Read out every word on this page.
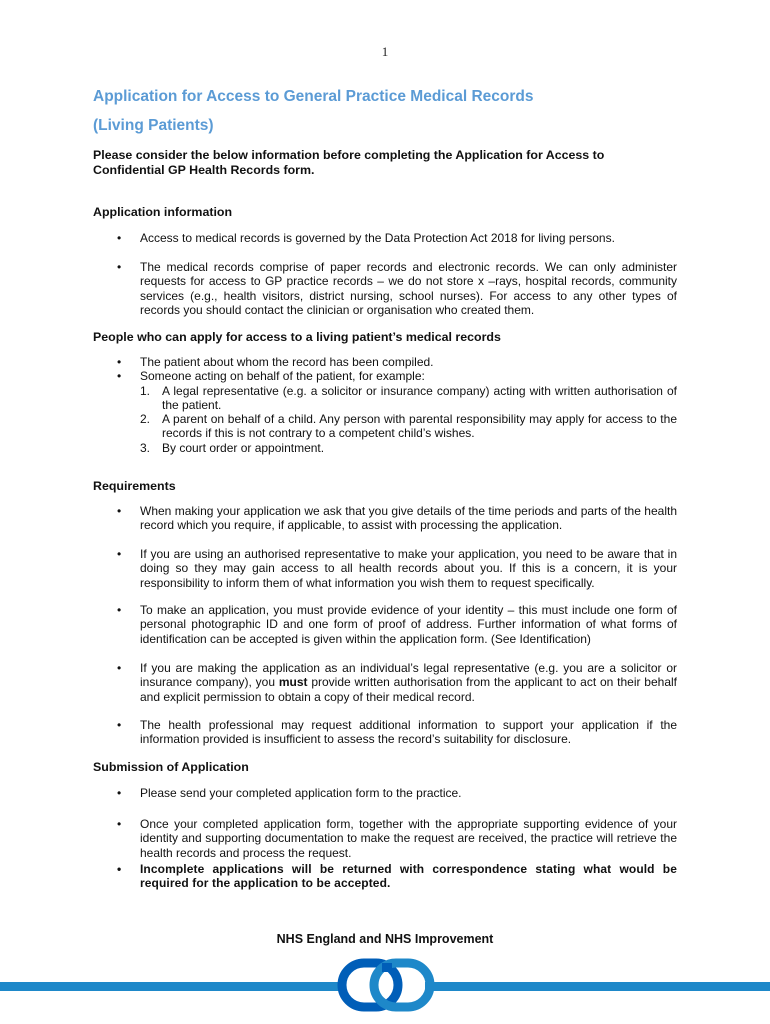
1
Application for Access to General Practice Medical Records
(Living Patients)
Please consider the below information before completing the Application for Access to Confidential GP Health Records form.
Application information
• Access to medical records is governed by the Data Protection Act 2018 for living persons.
• The medical records comprise of paper records and electronic records. We can only administer requests for access to GP practice records – we do not store x –rays, hospital records, community services (e.g., health visitors, district nursing, school nurses). For access to any other types of records you should contact the clinician or organisation who created them.
People who can apply for access to a living patient’s medical records
• The patient about whom the record has been compiled.
• Someone acting on behalf of the patient, for example:
1. A legal representative (e.g. a solicitor or insurance company) acting with written authorisation of the patient.
2. A parent on behalf of a child. Any person with parental responsibility may apply for access to the records if this is not contrary to a competent child’s wishes.
3. By court order or appointment.
Requirements
• When making your application we ask that you give details of the time periods and parts of the health record which you require, if applicable, to assist with processing the application.
• If you are using an authorised representative to make your application, you need to be aware that in doing so they may gain access to all health records about you. If this is a concern, it is your responsibility to inform them of what information you wish them to request specifically.
• To make an application, you must provide evidence of your identity – this must include one form of personal photographic ID and one form of proof of address. Further information of what forms of identification can be accepted is given within the application form. (See Identification)
• If you are making the application as an individual’s legal representative (e.g. you are a solicitor or insurance company), you must provide written authorisation from the applicant to act on their behalf and explicit permission to obtain a copy of their medical record.
• The health professional may request additional information to support your application if the information provided is insufficient to assess the record’s suitability for disclosure.
Submission of Application
• Please send your completed application form to the practice.
• Once your completed application form, together with the appropriate supporting evidence of your identity and supporting documentation to make the request are received, the practice will retrieve the health records and process the request.
• Incomplete applications will be returned with correspondence stating what would be required for the application to be accepted.
NHS England and NHS Improvement
